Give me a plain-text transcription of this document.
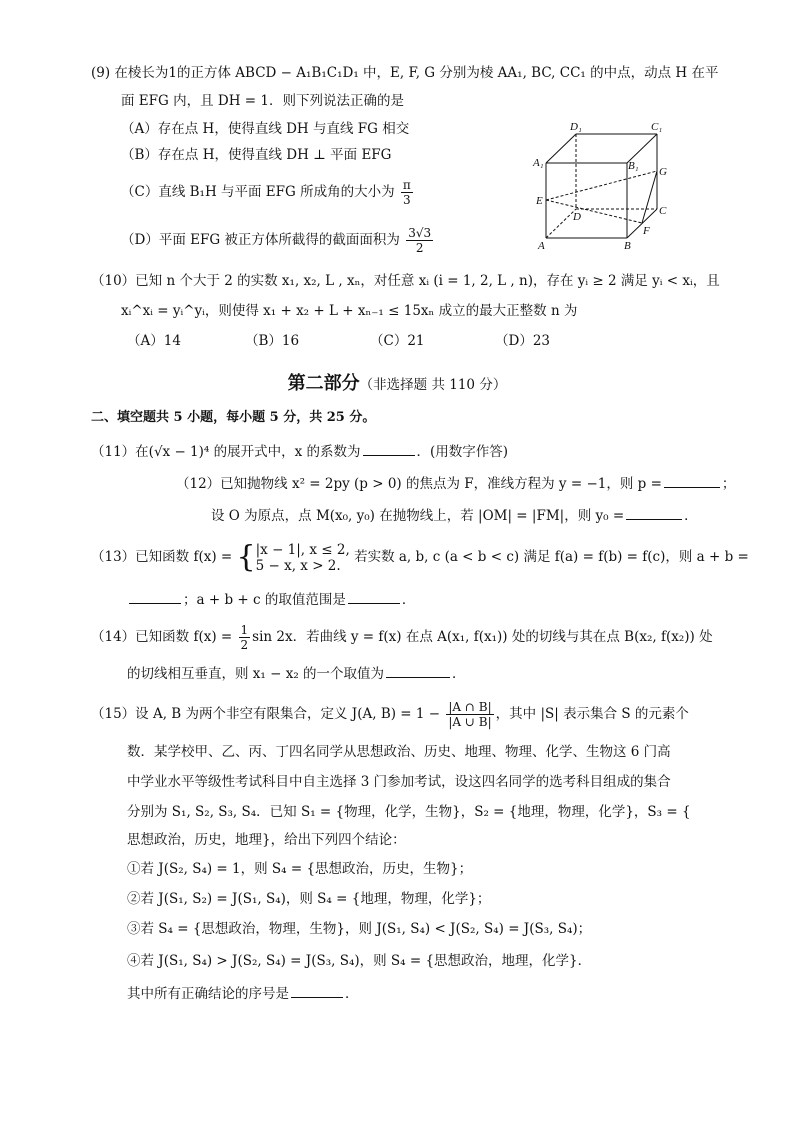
(9) 在棱长为1的正方体 ABCD − A₁B₁C₁D₁ 中，E, F, G 分别为棱 AA₁, BC, CC₁ 的中点，动点 H 在平
面 EFG 内，且 DH = 1．则下列说法正确的是
（A）存在点 H，使得直线 DH 与直线 FG 相交
（B）存在点 H，使得直线 DH ⊥ 平面 EFG
（C）直线 B₁H 与平面 EFG 所成角的大小为 $\frac{\pi}{3}$
（D）平面 EFG 被正方体所截得的截面面积为 $\frac{3√3}{2}$
D₁	C₁
A₁	B₁ G
E
D	C
F
A	B
（10）已知 n 个大于 2 的实数 x₁, x₂, L , xₙ，对任意 xᵢ (i = 1, 2, L , n)，存在 yᵢ ≥ 2 满足 yᵢ < xᵢ，且
xᵢ^xᵢ = yᵢ^yᵢ，则使得 x₁ + x₂ + L + xₙ₋₁ ≤ 15xₙ 成立的最大正整数 n 为
（A）14	（B）16	（C）21	（D）23
第二部分（非选择题 共 110 分）
二、填空题共 5 小题，每小题 5 分，共 25 分。
（11）在(√x − 1)⁴ 的展开式中，x 的系数为	．(用数字作答)
（12）已知抛物线 x² = 2py (p > 0) 的焦点为 F，准线方程为 y = −1，则 p =	；
设 O 为原点，点 M(x₀, y₀) 在抛物线上，若 |OM| = |FM|，则 y₀ =	．
（13）已知函数 f(x) = { |x − 1|, x ≤ 2,
5 − x, x > 2.
若实数 a, b, c (a < b < c) 满足 f(a) = f(b) = f(c)，则 a + b =
；a + b + c 的取值范围是	．
（14）已知函数 $f(x) = \frac{1}{2}$ sin 2x．若曲线 y = f(x) 在点 A(x₁, f(x₁)) 处的切线与其在点 B(x₂, f(x₂)) 处
的切线相互垂直，则 x₁ − x₂ 的一个取值为	．
（15）设 A, B 为两个非空有限集合，定义 J(A, $B) = 1 - \frac{|A \cap B|}{|A \cup B|}$ ，其中 |S| 表示集合 S 的元素个
数．某学校甲、乙、丙、丁四名同学从思想政治、历史、地理、物理、化学、生物这 6 门高
中学业水平等级性考试科目中自主选择 3 门参加考试，设这四名同学的选考科目组成的集合
分别为 S₁, S₂, S₃, S₄．已知 S₁ = {物理，化学，生物}，S₂ = {地理，物理，化学}，S₃ = {
思想政治，历史，地理}，给出下列四个结论：
①若 J(S₂, S₄) = 1，则 S₄ = {思想政治，历史，生物}；
②若 J(S₁, S₂) = J(S₁, S₄)，则 S₄ = {地理，物理，化学}；
③若 S₄ = {思想政治，物理，生物}，则 J(S₁, S₄) < J(S₂, S₄) = J(S₃, S₄)；
④若 J(S₁, S₄) > J(S₂, S₄) = J(S₃, S₄)，则 S₄ = {思想政治，地理，化学}．
其中所有正确结论的序号是	．
